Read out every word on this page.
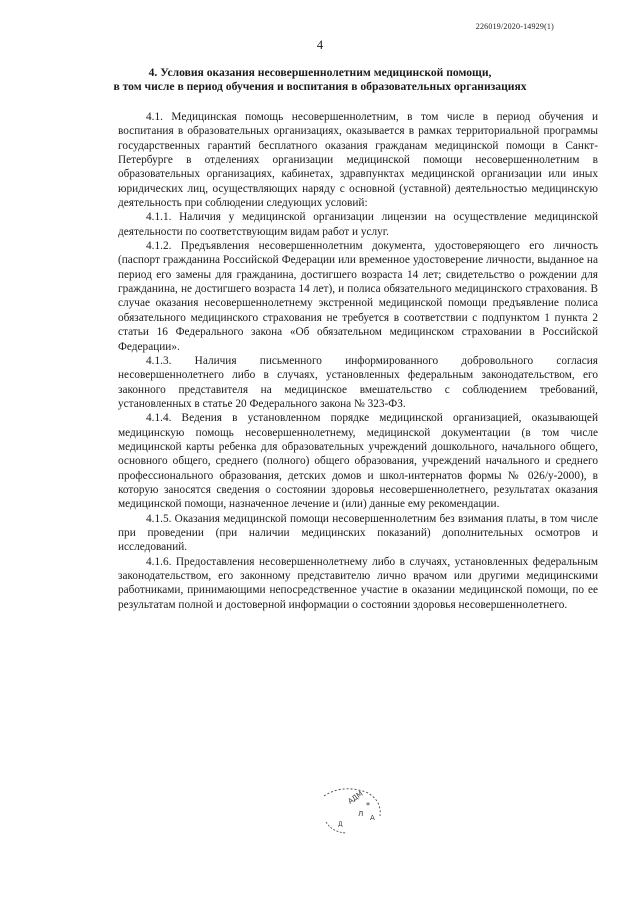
226019/2020-14929(1)
4
4. Условия оказания несовершеннолетним медицинской помощи,
в том числе в период обучения и воспитания в образовательных организациях

4.1. Медицинская помощь несовершеннолетним, в том числе в период обучения и воспитания в образовательных организациях, оказывается в рамках территориальной программы государственных гарантий бесплатного оказания гражданам медицинской помощи в Санкт-Петербурге в отделениях организации медицинской помощи несовершеннолетним в образовательных организациях, кабинетах, здравпунктах медицинской организации или иных юридических лиц, осуществляющих наряду с основной (уставной) деятельностью медицинскую деятельность при соблюдении следующих условий:

4.1.1. Наличия у медицинской организации лицензии на осуществление медицинской деятельности по соответствующим видам работ и услуг.

4.1.2. Предъявления несовершеннолетним документа, удостоверяющего его личность (паспорт гражданина Российской Федерации или временное удостоверение личности, выданное на период его замены для гражданина, достигшего возраста 14 лет; свидетельство о рождении для гражданина, не достигшего возраста 14 лет), и полиса обязательного медицинского страхования. В случае оказания несовершеннолетнему экстренной медицинской помощи предъявление полиса обязательного медицинского страхования не требуется в соответствии с подпунктом 1 пункта 2 статьи 16 Федерального закона «Об обязательном медицинском страховании в Российской Федерации».

4.1.3. Наличия письменного информированного добровольного согласия несовершеннолетнего либо в случаях, установленных федеральным законодательством, его законного представителя на медицинское вмешательство с соблюдением требований, установленных в статье 20 Федерального закона № 323-ФЗ.

4.1.4. Ведения в установленном порядке медицинской организацией, оказывающей медицинскую помощь несовершеннолетнему, медицинской документации (в том числе медицинской карты ребенка для образовательных учреждений дошкольного, начального общего, основного общего, среднего (полного) общего образования, учреждений начального и среднего профессионального образования, детских домов и школ-интернатов формы № 026/у-2000), в которую заносятся сведения о состоянии здоровья несовершеннолетнего, результатах оказания медицинской помощи, назначенное лечение и (или) данные ему рекомендации.

4.1.5. Оказания медицинской помощи несовершеннолетним без взимания платы, в том числе при проведении (при наличии медицинских показаний) дополнительных осмотров и исследований.

4.1.6. Предоставления несовершеннолетнему либо в случаях, установленных федеральным законодательством, его законному представителю лично врачом или другими медицинскими работниками, принимающими непосредственное участие в оказании медицинской помощи, по ее результатам полной и достоверной информации о состоянии здоровья несовершеннолетнего.

АДМ *
Л А
Д
